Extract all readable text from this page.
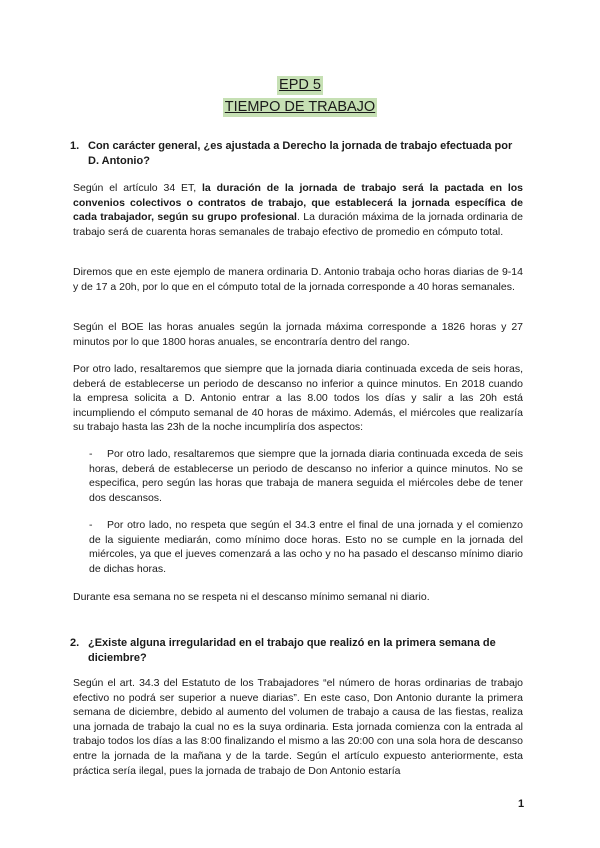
EPD 5
TIEMPO DE TRABAJO
1. Con carácter general, ¿es ajustada a Derecho la jornada de trabajo efectuada por D. Antonio?
Según el artículo 34 ET, la duración de la jornada de trabajo será la pactada en los convenios colectivos o contratos de trabajo, que establecerá la jornada específica de cada trabajador, según su grupo profesional. La duración máxima de la jornada ordinaria de trabajo será de cuarenta horas semanales de trabajo efectivo de promedio en cómputo total.
Diremos que en este ejemplo de manera ordinaria D. Antonio trabaja ocho horas diarias de 9-14 y de 17 a 20h, por lo que en el cómputo total de la jornada corresponde a 40 horas semanales.
Según el BOE las horas anuales según la jornada máxima corresponde a 1826 horas y 27 minutos por lo que 1800 horas anuales, se encontraría dentro del rango.
Por otro lado, resaltaremos que siempre que la jornada diaria continuada exceda de seis horas, deberá de establecerse un periodo de descanso no inferior a quince minutos. En 2018 cuando la empresa solicita a D. Antonio entrar a las 8.00 todos los días y salir a las 20h está incumpliendo el cómputo semanal de 40 horas de máximo. Además, el miércoles que realizaría su trabajo hasta las 23h de la noche incumpliría dos aspectos:
-	Por otro lado, resaltaremos que siempre que la jornada diaria continuada exceda de seis horas, deberá de establecerse un periodo de descanso no inferior a quince minutos. No se especifica, pero según las horas que trabaja de manera seguida el miércoles debe de tener dos descansos.
-	Por otro lado, no respeta que según el 34.3 entre el final de una jornada y el comienzo de la siguiente mediarán, como mínimo doce horas. Esto no se cumple en la jornada del miércoles, ya que el jueves comenzará a las ocho y no ha pasado el descanso mínimo diario de dichas horas.
Durante esa semana no se respeta ni el descanso mínimo semanal ni diario.
2. ¿Existe alguna irregularidad en el trabajo que realizó en la primera semana de diciembre?
Según el art. 34.3 del Estatuto de los Trabajadores “el número de horas ordinarias de trabajo efectivo no podrá ser superior a nueve diarias”. En este caso, Don Antonio durante la primera semana de diciembre, debido al aumento del volumen de trabajo a causa de las fiestas, realiza una jornada de trabajo la cual no es la suya ordinaria. Esta jornada comienza con la entrada al trabajo todos los días a las 8:00 finalizando el mismo a las 20:00 con una sola hora de descanso entre la jornada de la mañana y de la tarde. Según el artículo expuesto anteriormente, esta práctica sería ilegal, pues la jornada de trabajo de Don Antonio estaría
1
